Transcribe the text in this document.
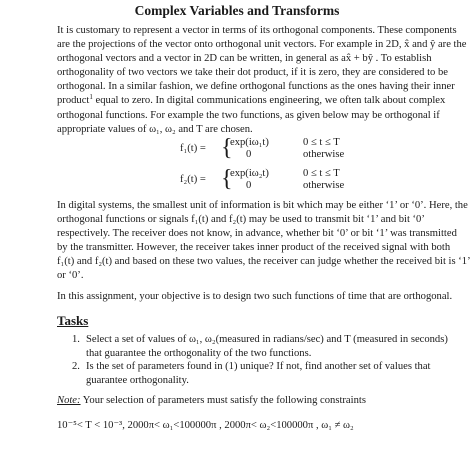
Complex Variables and Transforms
It is customary to represent a vector in terms of its orthogonal components. These components
are the projections of the vector onto orthogonal unit vectors. For example in 2D, x̂ and ŷ are the
orthogonal vectors and a vector in 2D can be written, in general as ax̂ + bŷ . To establish
orthogonality of two vectors we take their dot product, if it is zero, they are considered to be
orthogonal. In a similar fashion, we define orthogonal functions as the ones having their inner
product$^1$ equal to zero. In digital communications engineering, we often talk about complex
orthogonal functions. For example the two functions, as given below may be orthogonal if
appropriate values of ω₁, ω₂ and T are chosen.
f₁(t) = {
exp(iω₁t)
0
0 ≤ t ≤ T
otherwise
f₂(t) = {
exp(iω₂t)
0
0 ≤ t ≤ T
otherwise
In digital systems, the smallest unit of information is bit which may be either ‘1’ or ‘0’. Here, the
orthogonal functions or signals f₁(t) and f₂(t) may be used to transmit bit ‘1’ and bit ‘0’
respectively. The receiver does not know, in advance, whether bit ‘0’ or bit ‘1’ was transmitted
by the transmitter. However, the receiver takes inner product of the received signal with both
f₁(t) and f₂(t) and based on these two values, the receiver can judge whether the received bit is ‘1’
or ‘0’.
In this assignment, your objective is to design two such functions of time that are orthogonal.
Tasks
1. Select a set of values of ω₁, ω₂(measured in radians/sec) and T (measured in seconds)
that guarantee the orthogonality of the two functions.
2. Is the set of parameters found in (1) unique? If not, find another set of values that
guarantee orthogonality.
Note: Your selection of parameters must satisfy the following constraints
10⁻⁵< T < 10⁻³, 2000π< ω₁<100000π , 2000π< ω₂<100000π , ω₁ ≠ ω₂
